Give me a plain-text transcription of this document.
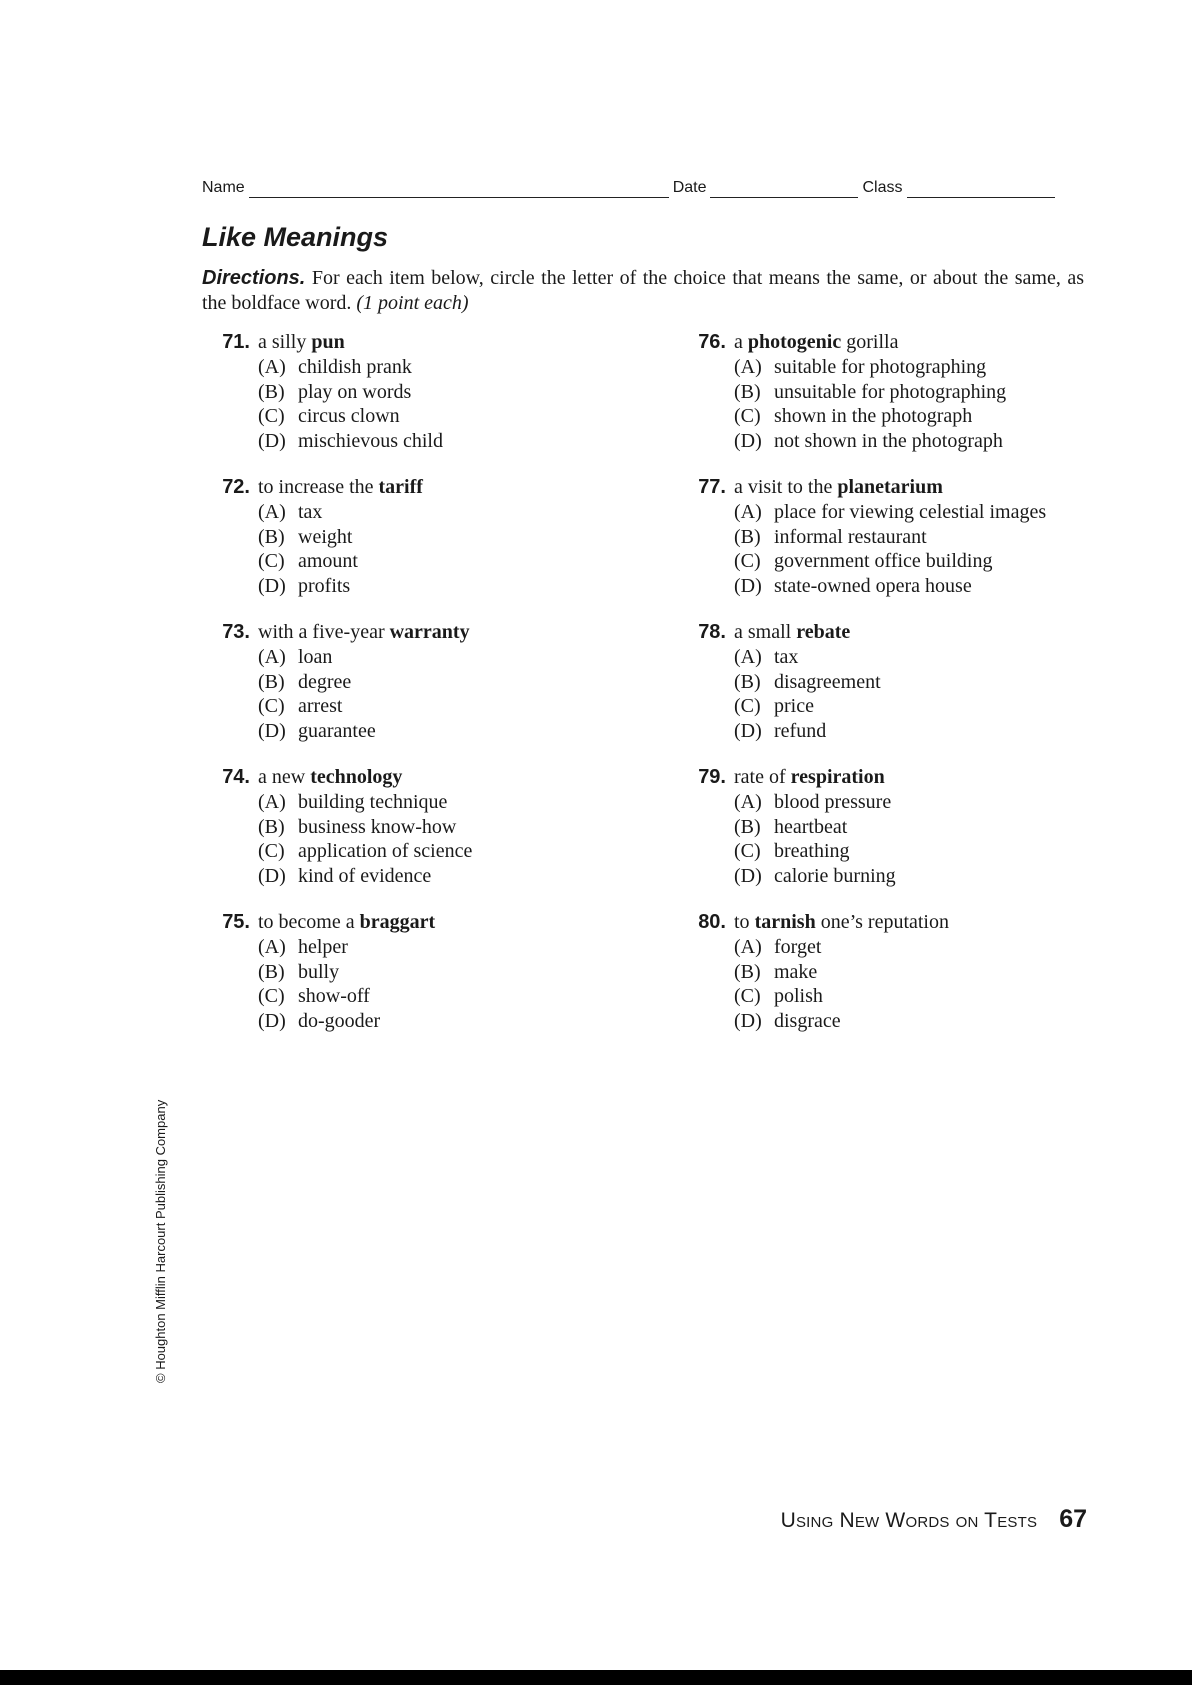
Name	Date	Class
Like Meanings
Directions. For each item below, circle the letter of the choice that means the same, or about the same, as the boldface word. (1 point each)
71. a silly pun
(A) childish prank
(B) play on words
(C) circus clown
(D) mischievous child
72. to increase the tariff
(A) tax
(B) weight
(C) amount
(D) profits
73. with a five-year warranty
(A) loan
(B) degree
(C) arrest
(D) guarantee
74. a new technology
(A) building technique
(B) business know-how
(C) application of science
(D) kind of evidence
75. to become a braggart
(A) helper
(B) bully
(C) show-off
(D) do-gooder
76. a photogenic gorilla
(A) suitable for photographing
(B) unsuitable for photographing
(C) shown in the photograph
(D) not shown in the photograph
77. a visit to the planetarium
(A) place for viewing celestial images
(B) informal restaurant
(C) government office building
(D) state-owned opera house
78. a small rebate
(A) tax
(B) disagreement
(C) price
(D) refund
79. rate of respiration
(A) blood pressure
(B) heartbeat
(C) breathing
(D) calorie burning
80. to tarnish one’s reputation
(A) forget
(B) make
(C) polish
(D) disgrace
© Houghton Mifflin Harcourt Publishing Company
Using New Words on Tests 67
